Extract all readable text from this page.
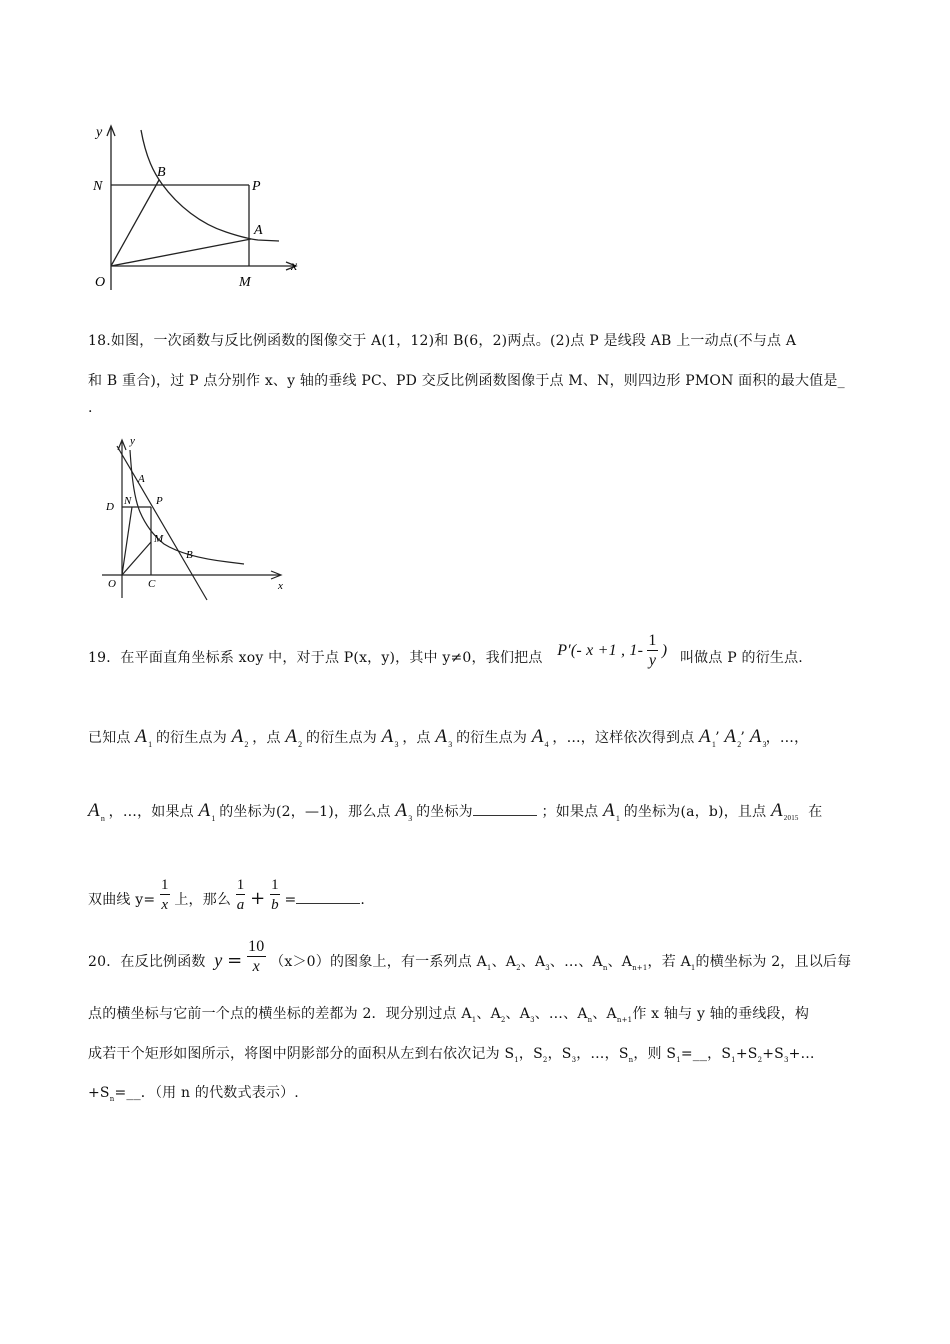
y
N
B
P
A
O	M
x
18.如图，一次函数与反比例函数的图像交于 A(1，12)和 B(6，2)两点。(2)点 P 是线段 AB 上一动点(不与点 A
和 B 重合)，过 P 点分别作 x、y 轴的垂线 PC、PD 交反比例函数图像于点 M、N，则四边形 PMON 面积的最大值是_
.
y
A
D N P
M
B
O	C	x
19．在平面直角坐标系 xoy 中，对于点 P(x，y)，其中 y≠0，我们把点 P′(- x +1 , $1- \frac{1}{y}$ ) 叫做点 P 的衍生点.
已知点 $A_1$ 的衍生点为 $A_2$ ，点 $A_2$ 的衍生点为 $A_3$ ，点 $A_3$ 的衍生点为 $A_4$ ，…，这样依次得到点 $A_1$’ $A_2$’ $A_3$，…，
$A_n$ ，…，如果点 $A_1$ 的坐标为(2，—1)，那么点 $A_3$ 的坐标为	；如果点 $A_1$ 的坐标为(a，b)，且点 $A_{2015}$ 在
双曲线 $y= \frac{1}{x}$ 上，那么 $\frac{1}{a} + \frac{1}{b}$ =	.
20．在反比例函数 $y = \frac{10}{x} (x>0)$的图象上，有一系列点 $A_1$、$A_2$、$A_3$、…、$A_n$、$A_{n+1}$，若 $A_1$的横坐标为 2，且以后每
点的横坐标与它前一个点的横坐标的差都为 2．现分别过点 $A_1$、$A_2$、$A_3$、…、$A_n$、$A_{n+1}$作 x 轴与 y 轴的垂线段，构
成若干个矩形如图所示，将图中阴影部分的面积从左到右依次记为 $S_1$，$S_2$，$S_3$，…，$S_n$，则 $S_1=\_\_$，$S_1+S_2+S_3+\dots$
$+S_n=\_\_$．（用 n 的代数式表示）.
